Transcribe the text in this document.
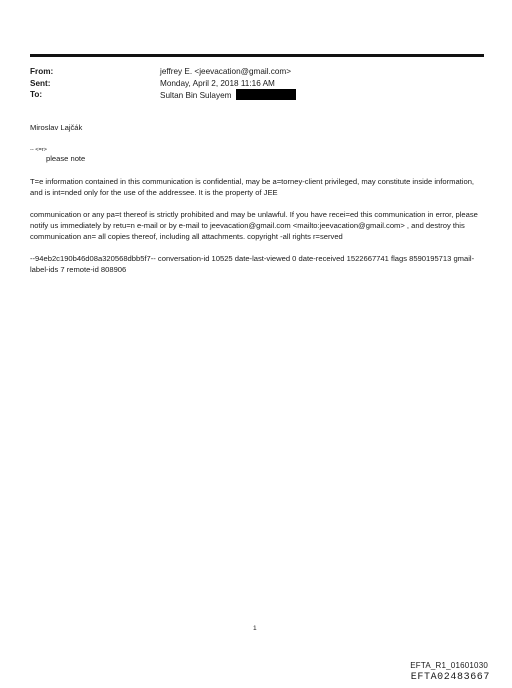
From:	jeffrey E. <jeevacation@gmail.com>
Sent:	Monday, April 2, 2018 11:16 AM
To:	Sultan Bin Sulayem

Miroslav Lajčák

-- <=r>

please note

T=e information contained in this communication is confidential, may be a=torney-client privileged, may constitute inside information, and is int=nded only for the use of the addressee. It is the property of JEE

communication or any pa=t thereof is strictly prohibited and may be unlawful. If you have recei=ed this communication in error, please notify us immediately by retu=n e-mail or by e-mail to jeevacation@gmail.com <mailto:jeevacation@gmail.com> , and destroy this communication an= all copies thereof, including all attachments. copyright -all rights r=served

--94eb2c190b46d08a320568dbb5f7-- conversation-id 10525 date-last-viewed 0 date-received 1522667741 flags 8590195713 gmail-label-ids 7 remote-id 808906

1
EFTA_R1_01601030
EFTA02483667
